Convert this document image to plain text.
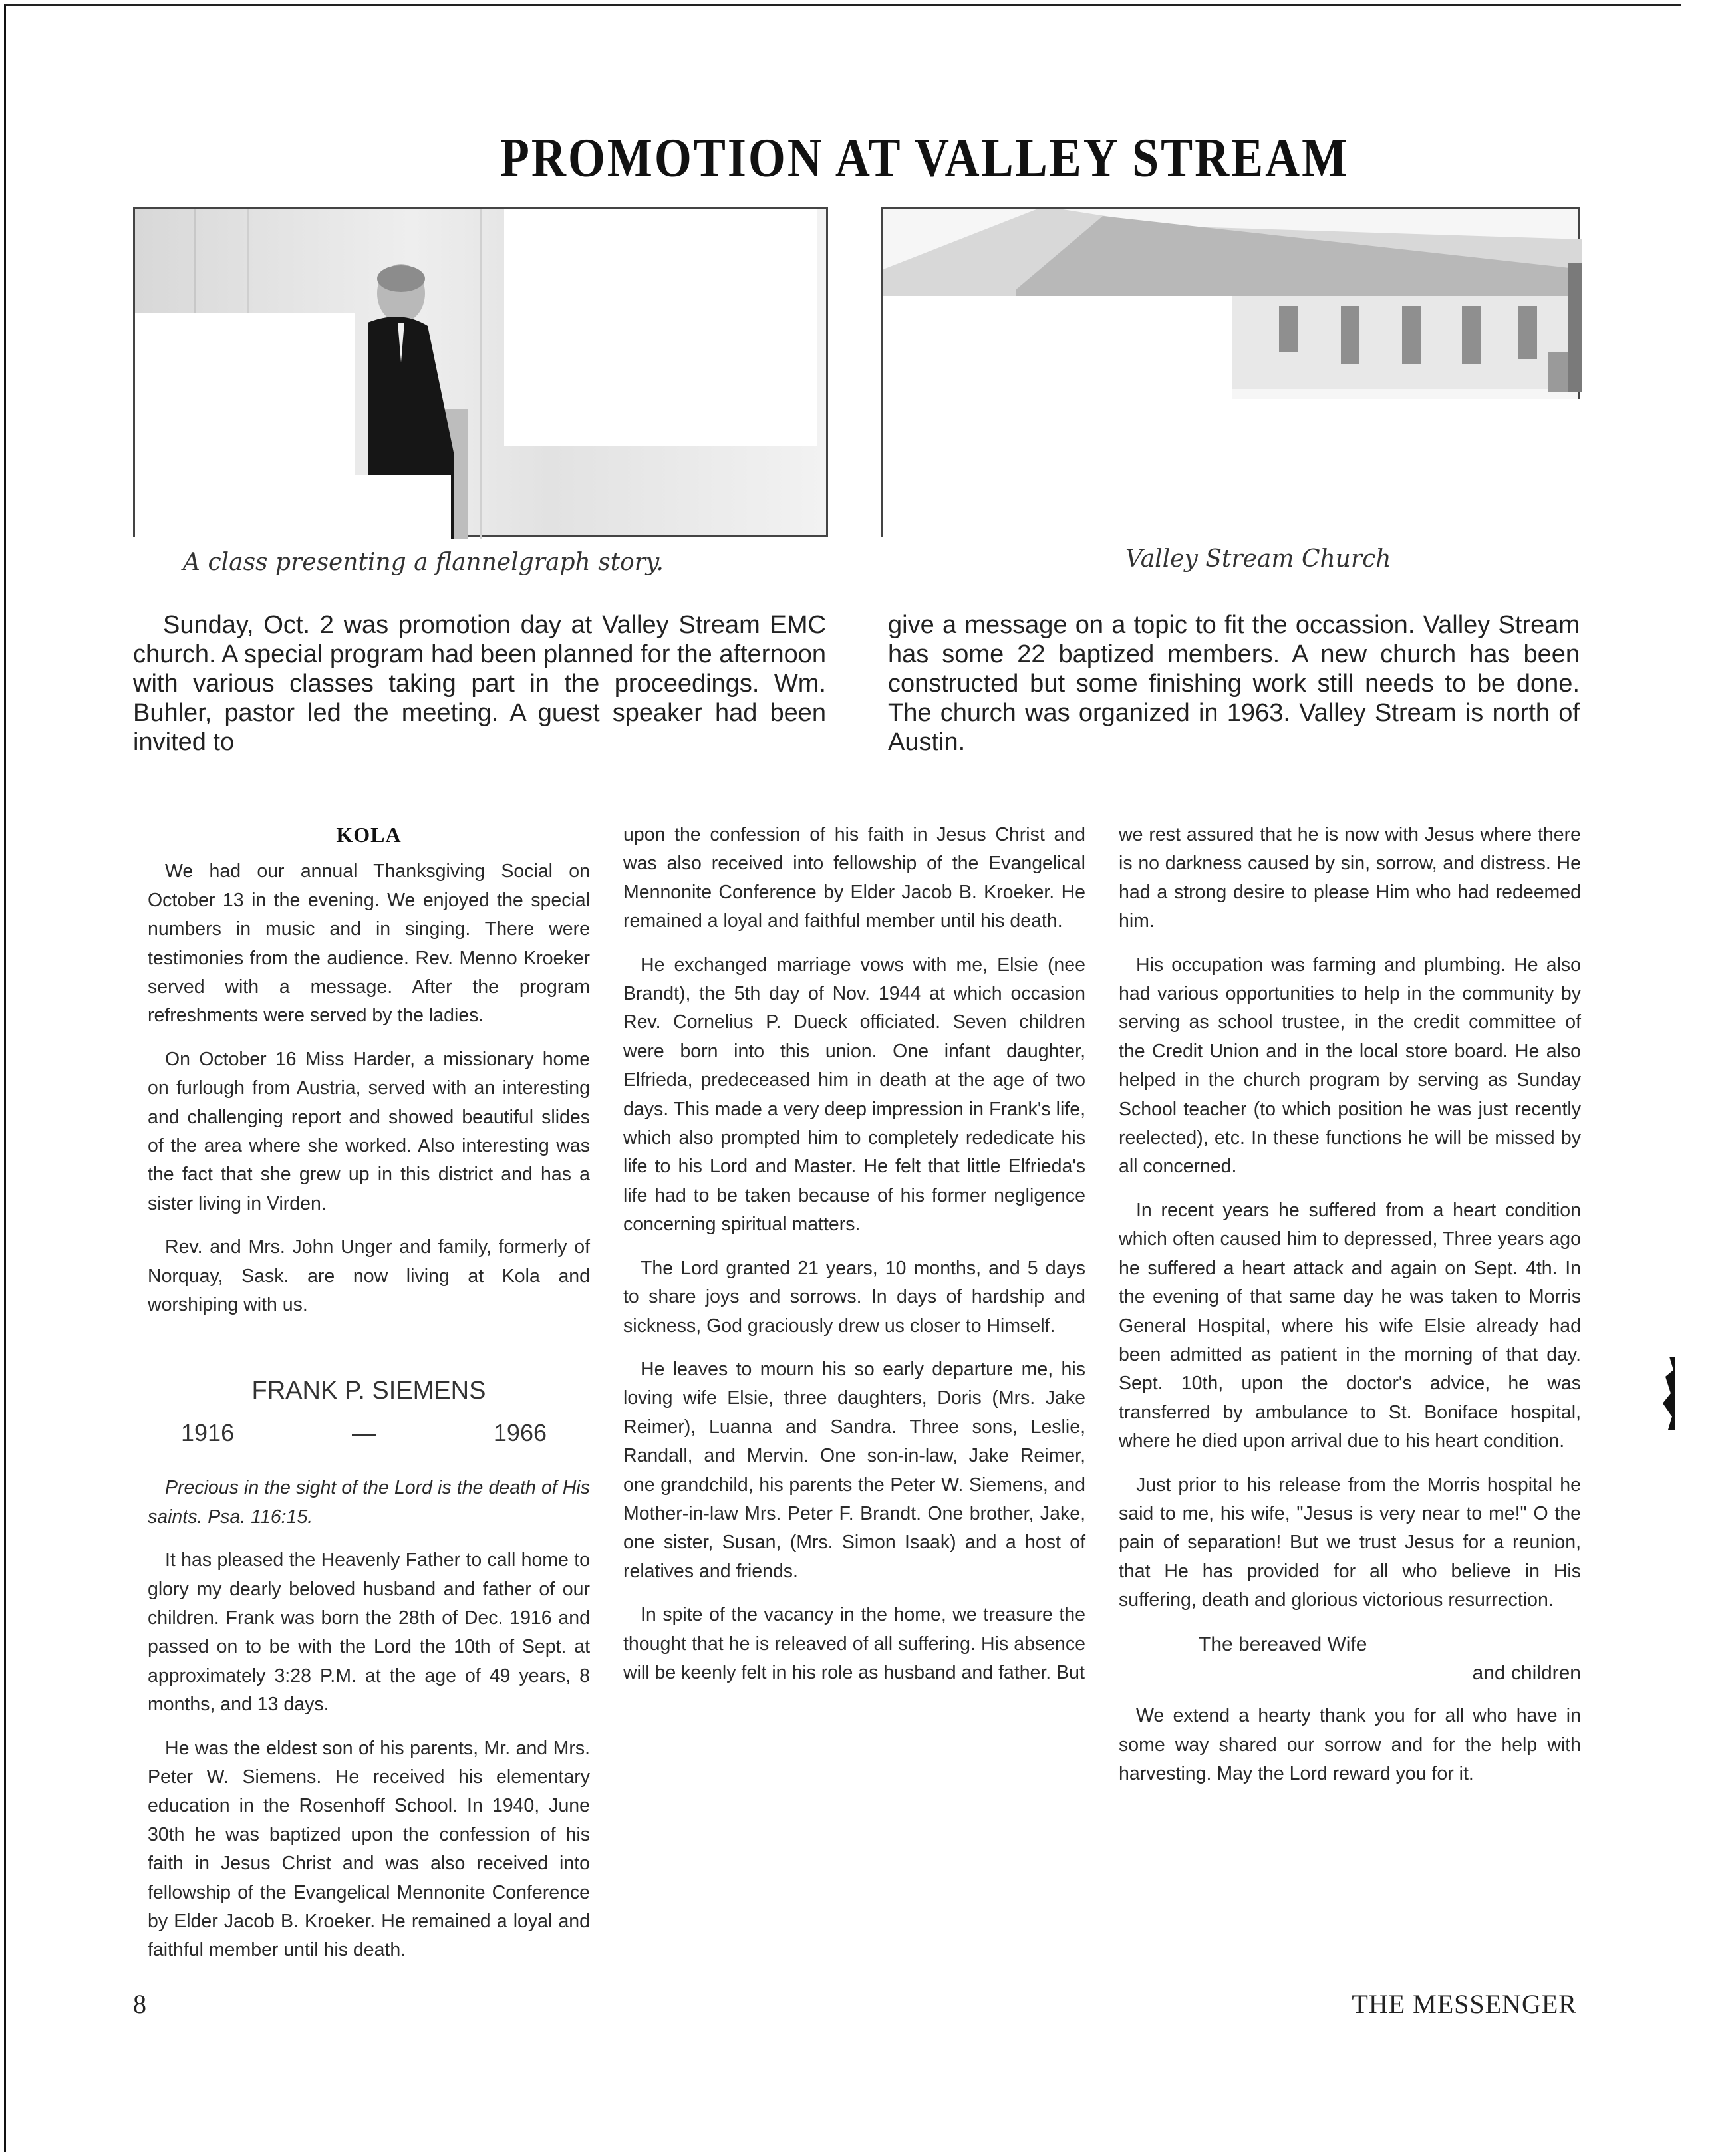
PROMOTION AT VALLEY STREAM
A class presenting a flannelgraph story.	Valley Stream Church

Sunday, Oct. 2 was promotion day at Valley Stream EMC church. A special program had been planned for the afternoon with various classes taking part in the proceedings. Wm. Buhler, pastor led the meeting. A guest speaker had been invited to

give a message on a topic to fit the occassion. Valley Stream has some 22 baptized members. A new church has been constructed but some finishing work still needs to be done. The church was organized in 1963. Valley Stream is north of Austin.

KOLA

We had our annual Thanksgiving Social on October 13 in the evening. We enjoyed the special numbers in music and in singing. There were testimonies from the audience. Rev. Menno Kroeker served with a message. After the program refreshments were served by the ladies.

On October 16 Miss Harder, a missionary home on furlough from Austria, served with an interesting and challenging report and showed beautiful slides of the area where she worked. Also interesting was the fact that she grew up in this district and has a sister living in Virden.

Rev. and Mrs. John Unger and family, formerly of Norquay, Sask. are now living at Kola and worshiping with us.

FRANK P. SIEMENS
1916	—	1966

Precious in the sight of the Lord is the death of His saints. Psa. 116:15.

It has pleased the Heavenly Father to call home to glory my dearly beloved husband and father of our children. Frank was born the 28th of Dec. 1916 and passed on to be with the Lord the 10th of Sept. at approximately 3:28 P.M. at the age of 49 years, 8 months, and 13 days.

He was the eldest son of his parents, Mr. and Mrs. Peter W. Siemens. He received his elementary education in the Rosenhoff School. In 1940, June 30th he was baptized upon the confession of his faith in Jesus Christ and was also received into fellowship of the Evangelical Mennonite Conference by Elder Jacob B. Kroeker. He remained a loyal and faithful member until his death.

upon the confession of his faith in Jesus Christ and was also received into fellowship of the Evangelical Mennonite Conference by Elder Jacob B. Kroeker. He remained a loyal and faithful member until his death.

He exchanged marriage vows with me, Elsie (nee Brandt), the 5th day of Nov. 1944 at which occasion Rev. Cornelius P. Dueck officiated. Seven children were born into this union. One infant daughter, Elfrieda, predeceased him in death at the age of two days. This made a very deep impression in Frank's life, which also prompted him to completely rededicate his life to his Lord and Master. He felt that little Elfrieda's life had to be taken because of his former negligence concerning spiritual matters.

The Lord granted 21 years, 10 months, and 5 days to share joys and sorrows. In days of hardship and sickness, God graciously drew us closer to Himself.

He leaves to mourn his so early departure me, his loving wife Elsie, three daughters, Doris (Mrs. Jake Reimer), Luanna and Sandra. Three sons, Leslie, Randall, and Mervin. One son-in-law, Jake Reimer, one grandchild, his parents the Peter W. Siemens, and Mother-in-law Mrs. Peter F. Brandt. One brother, Jake, one sister, Susan, (Mrs. Simon Isaak) and a host of relatives and friends.

In spite of the vacancy in the home, we treasure the thought that he is releaved of all suffering. His absence will be keenly felt in his role as husband and father. But

we rest assured that he is now with Jesus where there is no darkness caused by sin, sorrow, and distress. He had a strong desire to please Him who had redeemed him.

His occupation was farming and plumbing. He also had various opportunities to help in the community by serving as school trustee, in the credit committee of the Credit Union and in the local store board. He also helped in the church program by serving as Sunday School teacher (to which position he was just recently reelected), etc. In these functions he will be missed by all concerned.

In recent years he suffered from a heart condition which often caused him to depressed, Three years ago he suffered a heart attack and again on Sept. 4th. In the evening of that same day he was taken to Morris General Hospital, where his wife Elsie already had been admitted as patient in the morning of that day. Sept. 10th, upon the doctor's advice, he was transferred by ambulance to St. Boniface hospital, where he died upon arrival due to his heart condition.

Just prior to his release from the Morris hospital he said to me, his wife, "Jesus is very near to me!" O the pain of separation! But we trust Jesus for a reunion, that He has provided for all who believe in His suffering, death and glorious victorious resurrection.

The bereaved Wife

and children

We extend a hearty thank you for all who have in some way shared our sorrow and for the help with harvesting. May the Lord reward you for it.

8	THE MESSENGER
